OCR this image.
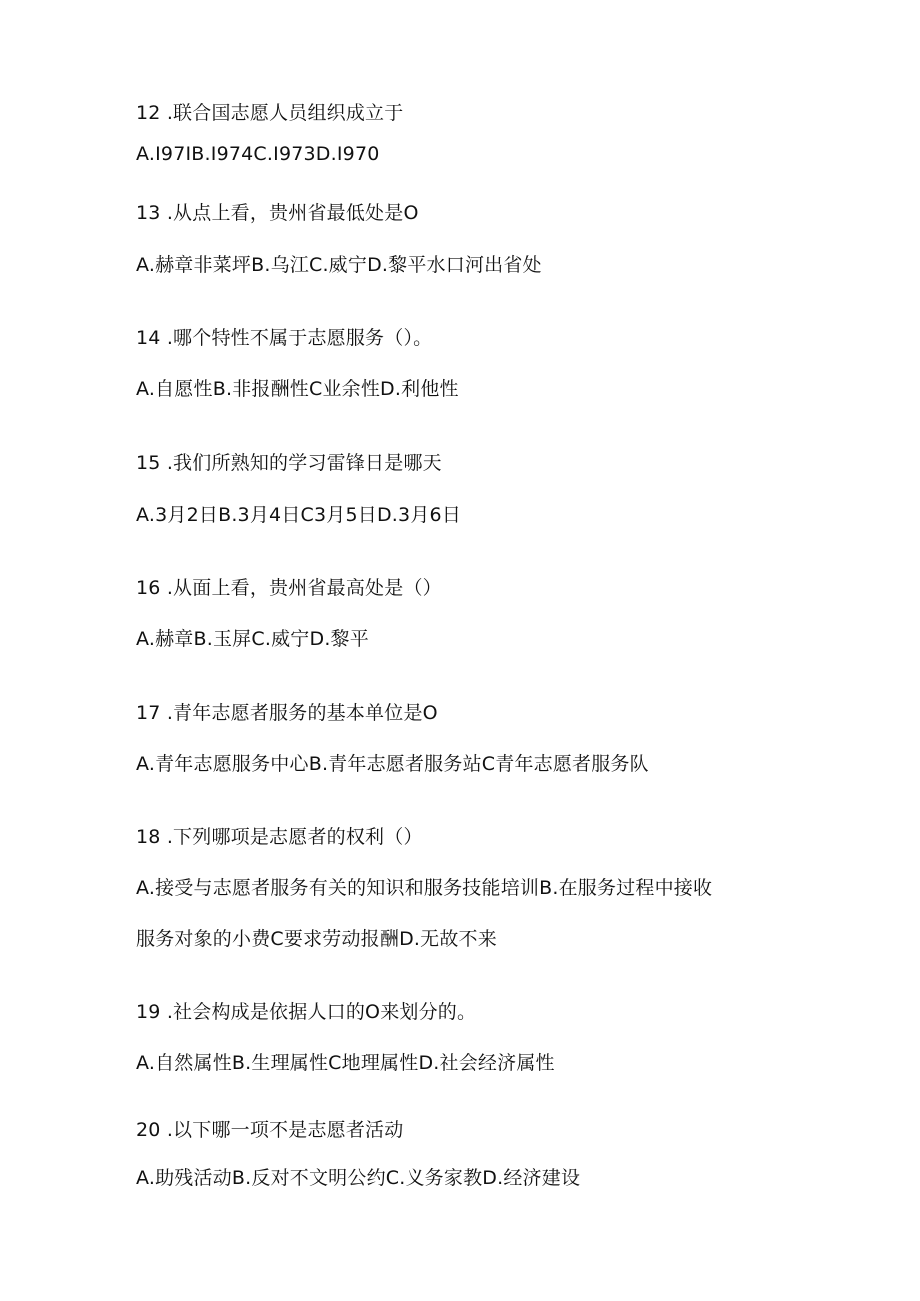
12 .联合国志愿人员组织成立于
A.I97IB.I974C.I973D.I970
13 .从点上看，贵州省最低处是O
A.赫章非菜坪B.乌江C.威宁D.黎平水口河出省处
14 .哪个特性不属于志愿服务（）。
A.自愿性B.非报酬性C业余性D.利他性
15 .我们所熟知的学习雷锋日是哪天
A.3月2日B.3月4日C3月5日D.3月6日
16 .从面上看，贵州省最高处是（）
A.赫章B.玉屏C.威宁D.黎平
17 .青年志愿者服务的基本单位是O
A.青年志愿服务中心B.青年志愿者服务站C青年志愿者服务队
18 .下列哪项是志愿者的权利（）
A.接受与志愿者服务有关的知识和服务技能培训B.在服务过程中接收
服务对象的小费C要求劳动报酬D.无故不来
19 .社会构成是依据人口的O来划分的。
A.自然属性B.生理属性C地理属性D.社会经济属性
20 .以下哪一项不是志愿者活动
A.助残活动B.反对不文明公约C.义务家教D.经济建设
